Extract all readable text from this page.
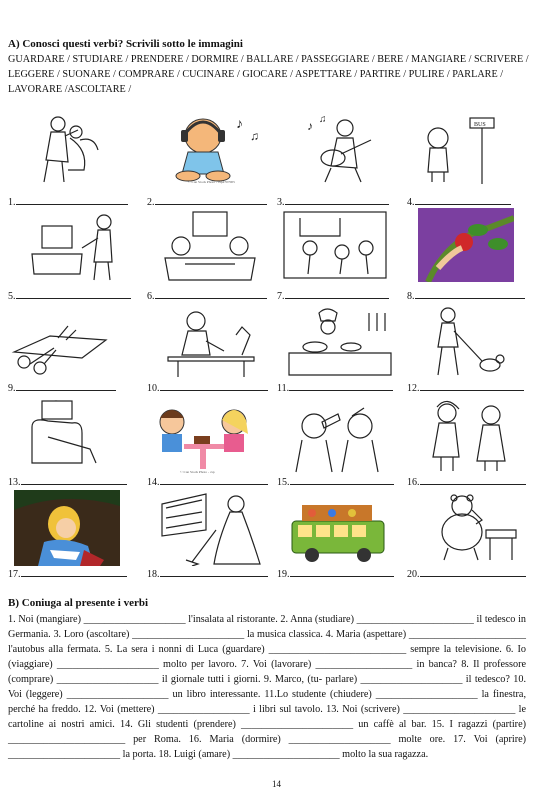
A) Conosci questi verbi? Scrivili sotto le immagini
GUARDARE / STUDIARE / PRENDERE / DORMIRE / BALLARE / PASSEGGIARE / BERE / MANGIARE / SCRIVERE / LEGGERE / SUONARE / COMPRARE / CUCINARE / GIOCARE / ASPETTARE / PARTIRE / PULIRE / PARLARE / LAVORARE /ASCOLTARE /
♪
♫
© Can Stock Photo - csp4707005
♪ ♫	BUS
1.	2.	3.	4.
5.	6.	7.	8.
9.	10.	11.	12.
© Can Stock Photo - csp
13.	14.	15.	16.
17.	18.	19.	20.
B) Coniuga al presente i verbi
1. Noi (mangiare) ____________________ l'insalata al ristorante. 2. Anna (studiare) _______________________ il tedesco in Germania. 3. Loro (ascoltare) ______________________ la musica classica. 4. Maria (aspettare) _______________________ l'autobus alla fermata. 5. La sera i nonni di Luca (guardare) ___________________________ sempre la televisione. 6. Io (viaggiare) ____________________ molto per lavoro. 7. Voi (lavorare) ___________________ in banca? 8. Il professore (comprare) ____________________ il giornale tutti i giorni. 9. Marco, (tu- parlare) ____________________ il tedesco? 10. Voi (leggere) ____________________ un libro interessante. 11.Lo studente (chiudere) ____________________ la finestra, perché ha freddo. 12. Voi (mettere) __________________ i libri sul tavolo. 13. Noi (scrivere) ______________________ le cartoline ai nostri amici. 14. Gli studenti (prendere) ______________________ un caffè al bar. 15. I ragazzi (partire) _______________________ per Roma. 16. Maria (dormire) ____________________ molte ore. 17. Voi (aprire) ______________________ la porta. 18. Luigi (amare) _____________________ molto la sua ragazza.
14
